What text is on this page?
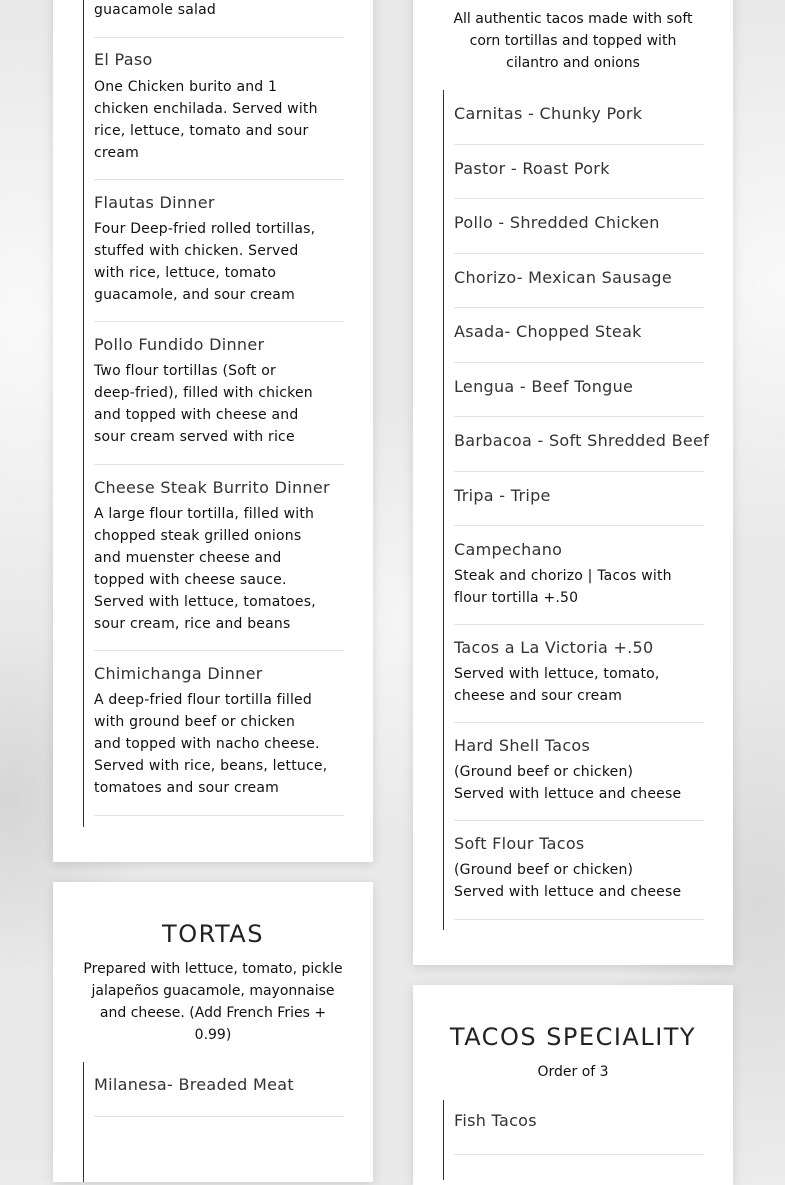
guacamole salad
El Paso
One Chicken burito and 1
chicken enchilada. Served with
rice, lettuce, tomato and sour
cream
Flautas Dinner
Four Deep-fried rolled tortillas,
stuffed with chicken. Served
with rice, lettuce, tomato
guacamole, and sour cream
Pollo Fundido Dinner
Two flour tortillas (Soft or
deep-fried), filled with chicken
and topped with cheese and
sour cream served with rice
Cheese Steak Burrito Dinner
A large flour tortilla, filled with
chopped steak grilled onions
and muenster cheese and
topped with cheese sauce.
Served with lettuce, tomatoes,
sour cream, rice and beans
Chimichanga Dinner
A deep-fried flour tortilla filled
with ground beef or chicken
and topped with nacho cheese.
Served with rice, beans, lettuce,
tomatoes and sour cream
TORTAS
Prepared with lettuce, tomato, pickle
jalapeños guacamole, mayonnaise
and cheese. (Add French Fries +
0.99)
Milanesa- Breaded Meat
All authentic tacos made with soft
corn tortillas and topped with
cilantro and onions
Carnitas - Chunky Pork
Pastor - Roast Pork
Pollo - Shredded Chicken
Chorizo- Mexican Sausage
Asada- Chopped Steak
Lengua - Beef Tongue
Barbacoa - Soft Shredded Beef
Tripa - Tripe
Campechano
Steak and chorizo | Tacos with
flour tortilla +.50
Tacos a La Victoria +.50
Served with lettuce, tomato,
cheese and sour cream
Hard Shell Tacos
(Ground beef or chicken)
Served with lettuce and cheese
Soft Flour Tacos
(Ground beef or chicken)
Served with lettuce and cheese
TACOS SPECIALITY
Order of 3
Fish Tacos
